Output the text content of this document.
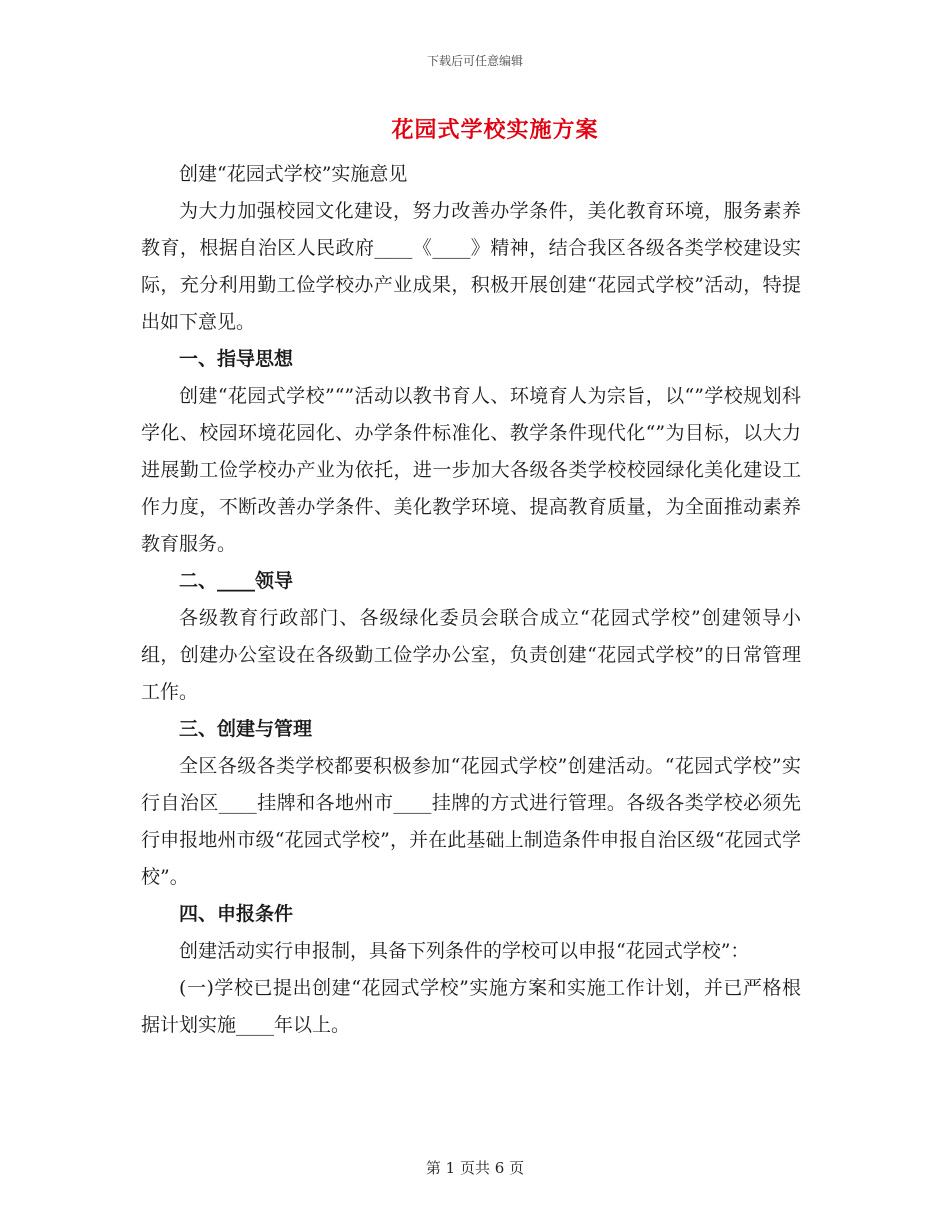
下载后可任意编辑
花园式学校实施方案

创建“花园式学校”实施意见

为大力加强校园文化建设，努力改善办学条件，美化教育环境，服务素养教育，根据自治区人民政府____《____》精神，结合我区各级各类学校建设实际，充分利用勤工俭学校办产业成果，积极开展创建“花园式学校”活动，特提出如下意见。

一、指导思想

创建“花园式学校”“”活动以教书育人、环境育人为宗旨，以“”学校规划科学化、校园环境花园化、办学条件标准化、教学条件现代化“”为目标，以大力进展勤工俭学校办产业为依托，进一步加大各级各类学校校园绿化美化建设工作力度，不断改善办学条件、美化教学环境、提高教育质量，为全面推动素养教育服务。

二、____领导

各级教育行政部门、各级绿化委员会联合成立“花园式学校”创建领导小组，创建办公室设在各级勤工俭学办公室，负责创建“花园式学校”的日常管理工作。

三、创建与管理

全区各级各类学校都要积极参加“花园式学校”创建活动。“花园式学校”实行自治区____挂牌和各地州市____挂牌的方式进行管理。各级各类学校必须先行申报地州市级“花园式学校”，并在此基础上制造条件申报自治区级“花园式学校”。

四、申报条件

创建活动实行申报制，具备下列条件的学校可以申报“花园式学校”：

(一)学校已提出创建“花园式学校”实施方案和实施工作计划，并已严格根据计划实施____年以上。

第 1 页共 6 页
